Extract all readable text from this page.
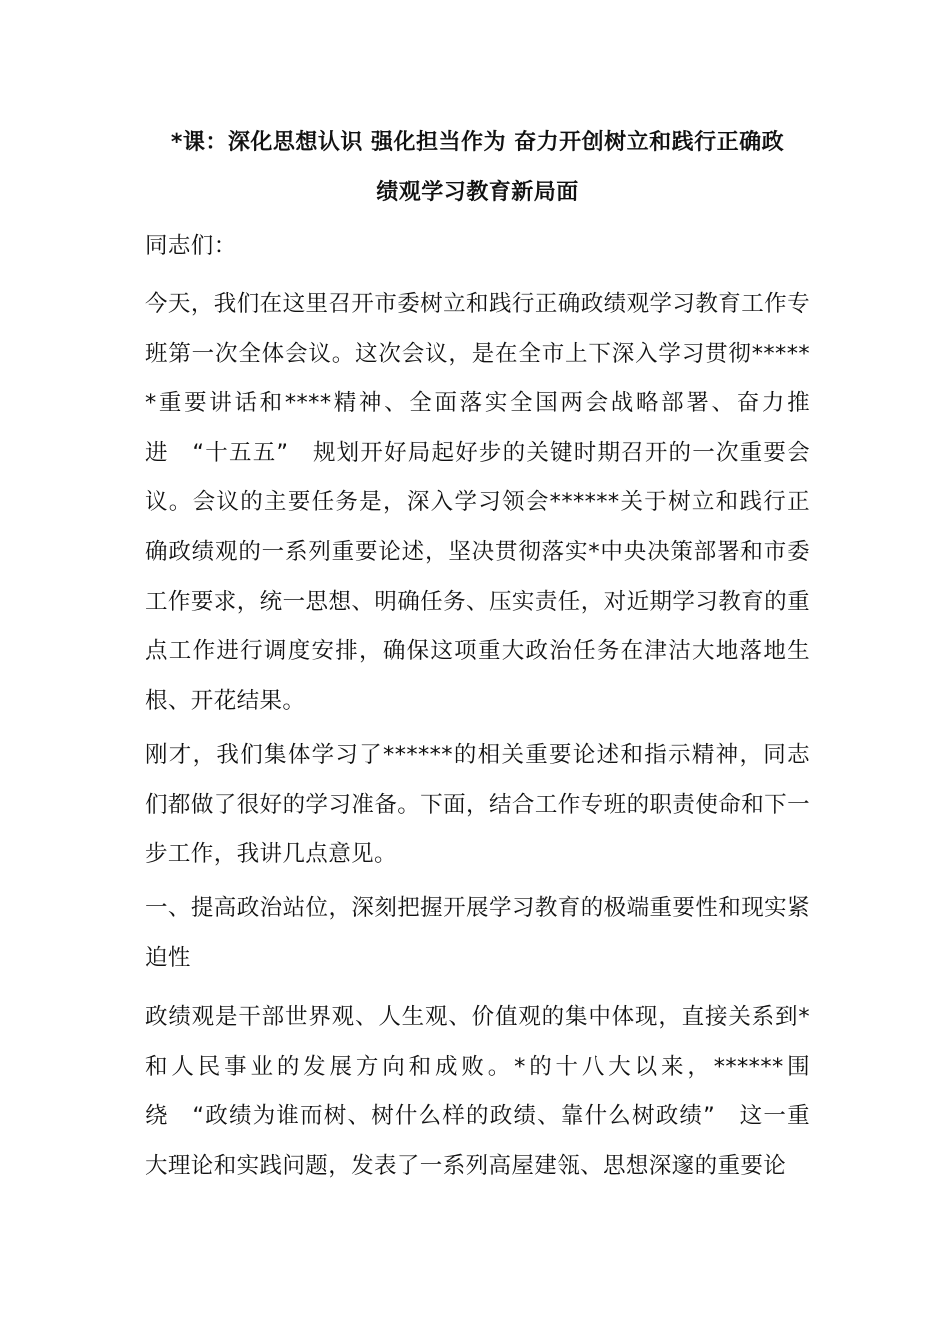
*课：深化思想认识 强化担当作为 奋力开创树立和践行正确政
绩观学习教育新局面

同志们：

今天，我们在这里召开市委树立和践行正确政绩观学习教育工作专班第一次全体会议。这次会议，是在全市上下深入学习贯彻******重要讲话和****精神、全面落实全国两会战略部署、奋力推进　“十五五”　规划开好局起好步的关键时期召开的一次重要会议。会议的主要任务是，深入学习领会******关于树立和践行正确政绩观的一系列重要论述，坚决贯彻落实*中央决策部署和市委工作要求，统一思想、明确任务、压实责任，对近期学习教育的重点工作进行调度安排，确保这项重大政治任务在津沽大地落地生根、开花结果。

刚才，我们集体学习了******的相关重要论述和指示精神，同志们都做了很好的学习准备。下面，结合工作专班的职责使命和下一步工作，我讲几点意见。

一、提高政治站位，深刻把握开展学习教育的极端重要性和现实紧迫性

政绩观是干部世界观、人生观、价值观的集中体现，直接关系到*和人民事业的发展方向和成败。*的十八大以来，******围绕　“政绩为谁而树、树什么样的政绩、靠什么树政绩”　这一重大理论和实践问题，发表了一系列高屋建瓴、思想深邃的重要论
